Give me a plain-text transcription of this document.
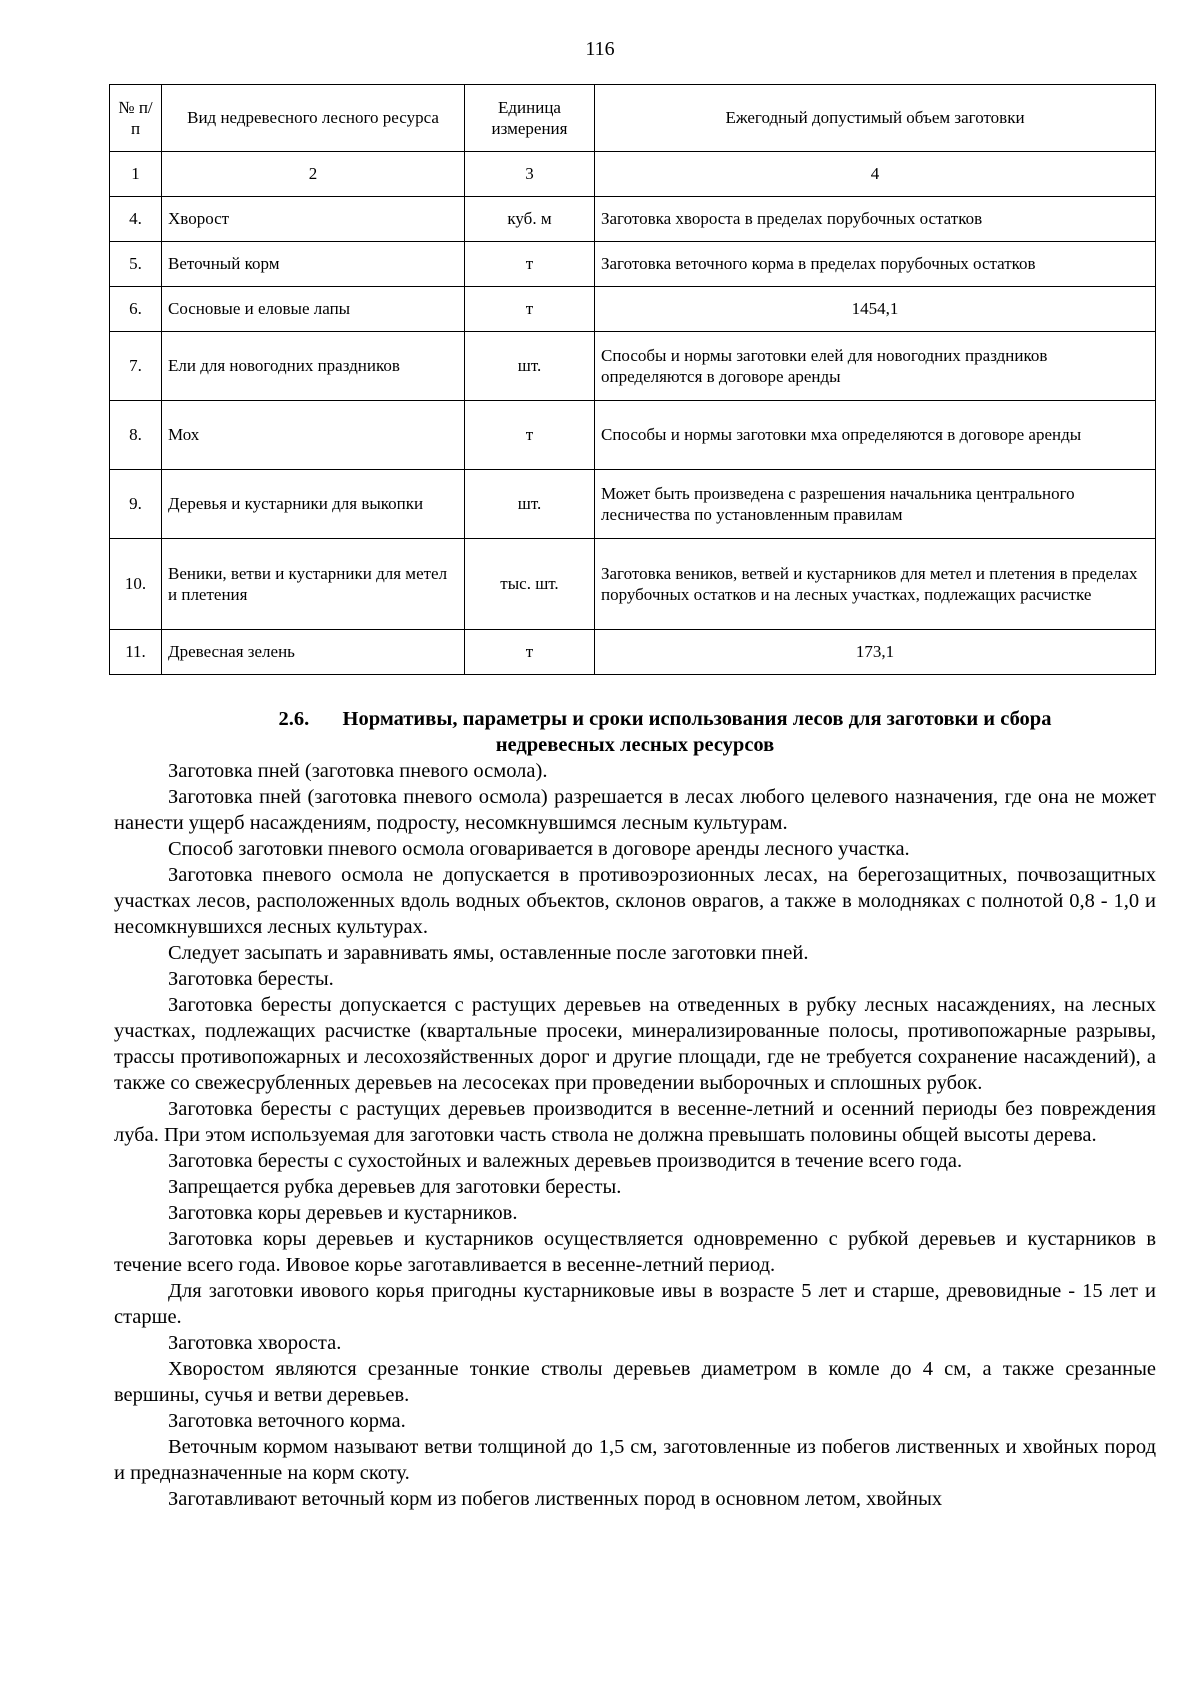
116
№ п/п	Вид недревесного лесного ресурса	Единица измерения	Ежегодный допустимый объем заготовки
1	2	3	4
4.	Хворост	куб. м	Заготовка хвороста в пределах порубочных остатков
5.	Веточный корм	т	Заготовка веточного корма в пределах порубочных остатков
6.	Сосновые и еловые лапы	т	1454,1
7.	Ели для новогодних праздников	шт.	Способы и нормы заготовки елей для новогодних праздников определяются в договоре аренды
8.	Мох	т	Способы и нормы заготовки мха определяются в договоре аренды
9.	Деревья и кустарники для выкопки	шт.	Может быть произведена с разрешения начальника центрального лесничества по установленным правилам
10.	Веники, ветви и кустарники для метел и плетения	тыс. шт.	Заготовка веников, ветвей и кустарников для метел и плетения в пределах порубочных остатков и на лесных участках, подлежащих расчистке
11.	Древесная зелень	т	173,1
2.6. Нормативы, параметры и сроки использования лесов для заготовки и сбора
недревесных лесных ресурсов

Заготовка пней (заготовка пневого осмола).

Заготовка пней (заготовка пневого осмола) разрешается в лесах любого целевого назначения, где она не может нанести ущерб насаждениям, подросту, несомкнувшимся лесным культурам.

Способ заготовки пневого осмола оговаривается в договоре аренды лесного участка.

Заготовка пневого осмола не допускается в противоэрозионных лесах, на берегозащитных, почвозащитных участках лесов, расположенных вдоль водных объектов, склонов оврагов, а также в молодняках с полнотой 0,8 - 1,0 и несомкнувшихся лесных культурах.

Следует засыпать и заравнивать ямы, оставленные после заготовки пней.

Заготовка бересты.

Заготовка бересты допускается с растущих деревьев на отведенных в рубку лесных насаждениях, на лесных участках, подлежащих расчистке (квартальные просеки, минерализированные полосы, противопожарные разрывы, трассы противопожарных и лесохозяйственных дорог и другие площади, где не требуется сохранение насаждений), а также со свежесрубленных деревьев на лесосеках при проведении выборочных и сплошных рубок.

Заготовка бересты с растущих деревьев производится в весенне-летний и осенний периоды без повреждения луба. При этом используемая для заготовки часть ствола не должна превышать половины общей высоты дерева.

Заготовка бересты с сухостойных и валежных деревьев производится в течение всего года.

Запрещается рубка деревьев для заготовки бересты.

Заготовка коры деревьев и кустарников.

Заготовка коры деревьев и кустарников осуществляется одновременно с рубкой деревьев и кустарников в течение всего года. Ивовое корье заготавливается в весенне-летний период.

Для заготовки ивового корья пригодны кустарниковые ивы в возрасте 5 лет и старше, древовидные - 15 лет и старше.

Заготовка хвороста.

Хворостом являются срезанные тонкие стволы деревьев диаметром в комле до 4 см, а также срезанные вершины, сучья и ветви деревьев.

Заготовка веточного корма.

Веточным кормом называют ветви толщиной до 1,5 см, заготовленные из побегов лиственных и хвойных пород и предназначенные на корм скоту.

Заготавливают веточный корм из побегов лиственных пород в основном летом, хвойных
